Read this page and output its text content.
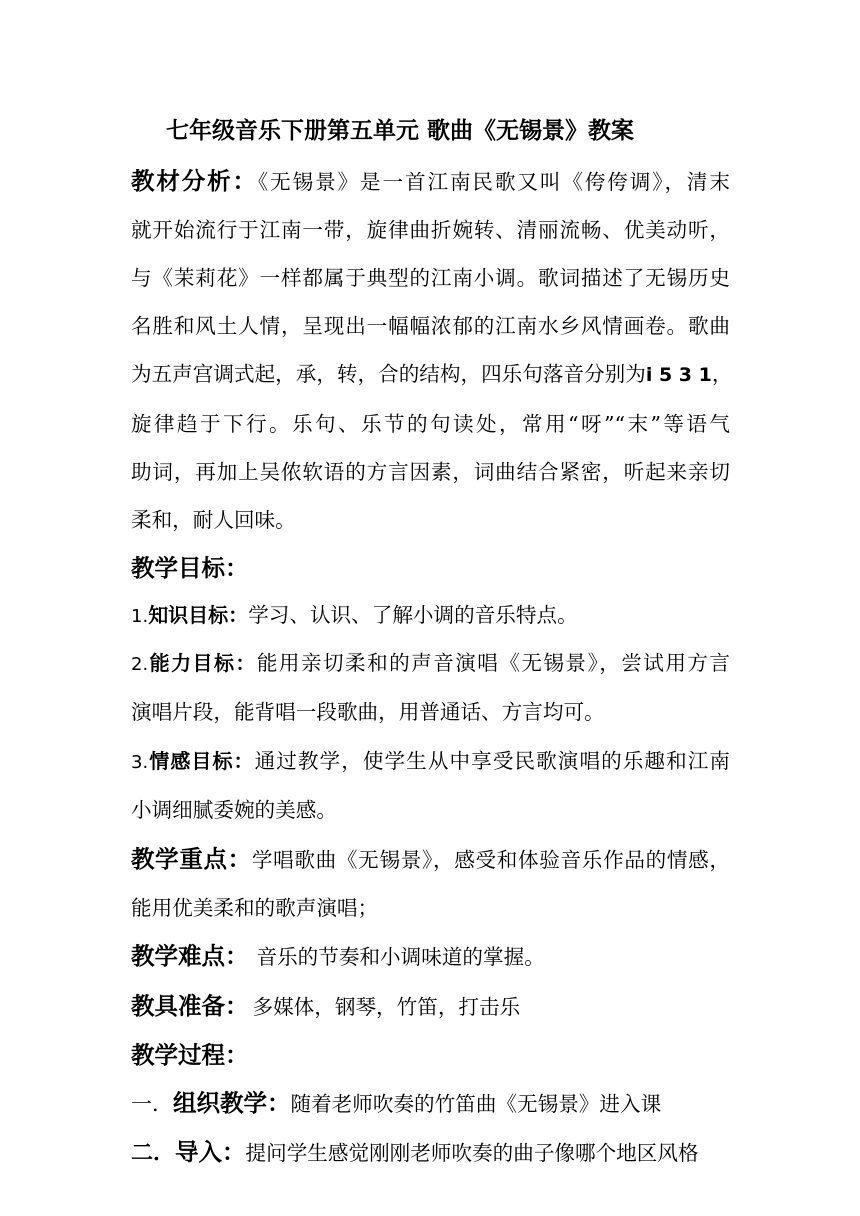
七年级音乐下册第五单元 歌曲《无锡景》教案
教材分析：《无锡景》是一首江南民歌又叫《侉侉调》，清末
就开始流行于江南一带，旋律曲折婉转、清丽流畅、优美动听，
与《茉莉花》一样都属于典型的江南小调。歌词描述了无锡历史
名胜和风土人情，呈现出一幅幅浓郁的江南水乡风情画卷。歌曲
为五声宫调式起，承，转，合的结构，四乐句落音分别为i 5 3 1，
旋律趋于下行。乐句、乐节的句读处，常用“呀”“末”等语气
助词，再加上吴侬软语的方言因素，词曲结合紧密，听起来亲切
柔和，耐人回味。
教学目标：
1.知识目标：学习、认识、了解小调的音乐特点。
2.能力目标：能用亲切柔和的声音演唱《无锡景》，尝试用方言
演唱片段，能背唱一段歌曲，用普通话、方言均可。
3.情感目标：通过教学，使学生从中享受民歌演唱的乐趣和江南
小调细腻委婉的美感。
教学重点：学唱歌曲《无锡景》，感受和体验音乐作品的情感，
能用优美柔和的歌声演唱；
教学难点： 音乐的节奏和小调味道的掌握。
教具准备： 多媒体，钢琴，竹笛，打击乐
教学过程：
一．组织教学：随着老师吹奏的竹笛曲《无锡景》进入课
二．导入：提问学生感觉刚刚老师吹奏的曲子像哪个地区风格
